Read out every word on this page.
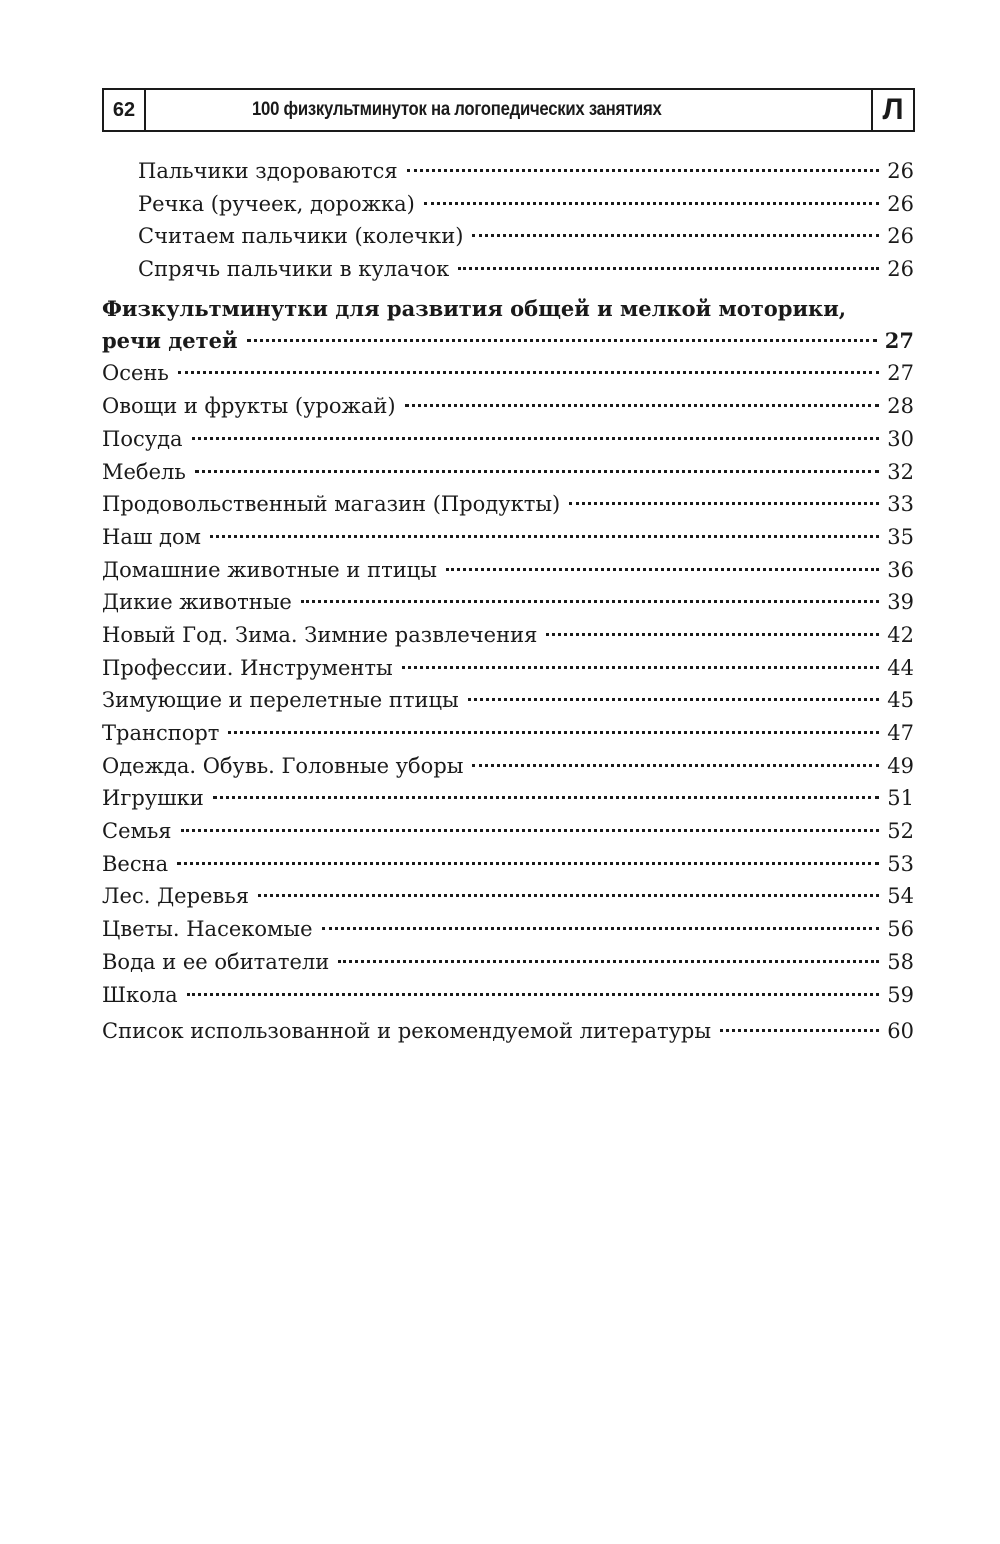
62	100 физкультминуток на логопедических занятиях	Л
Пальчики здороваются	26
Речка (ручеек, дорожка)	26
Считаем пальчики (колечки)	26
Спрячь пальчики в кулачок	26
Физкультминутки для развития общей и мелкой моторики,
речи детей	27
Осень	27
Овощи и фрукты (урожай)	28
Посуда	30
Мебель	32
Продовольственный магазин (Продукты)	33
Наш дом	35
Домашние животные и птицы	36
Дикие животные	39
Новый Год. Зима. Зимние развлечения	42
Профессии. Инструменты	44
Зимующие и перелетные птицы	45
Транспорт	47
Одежда. Обувь. Головные уборы	49
Игрушки	51
Семья	52
Весна	53
Лес. Деревья	54
Цветы. Насекомые	56
Вода и ее обитатели	58
Школа	59
Список использованной и рекомендуемой литературы	60
